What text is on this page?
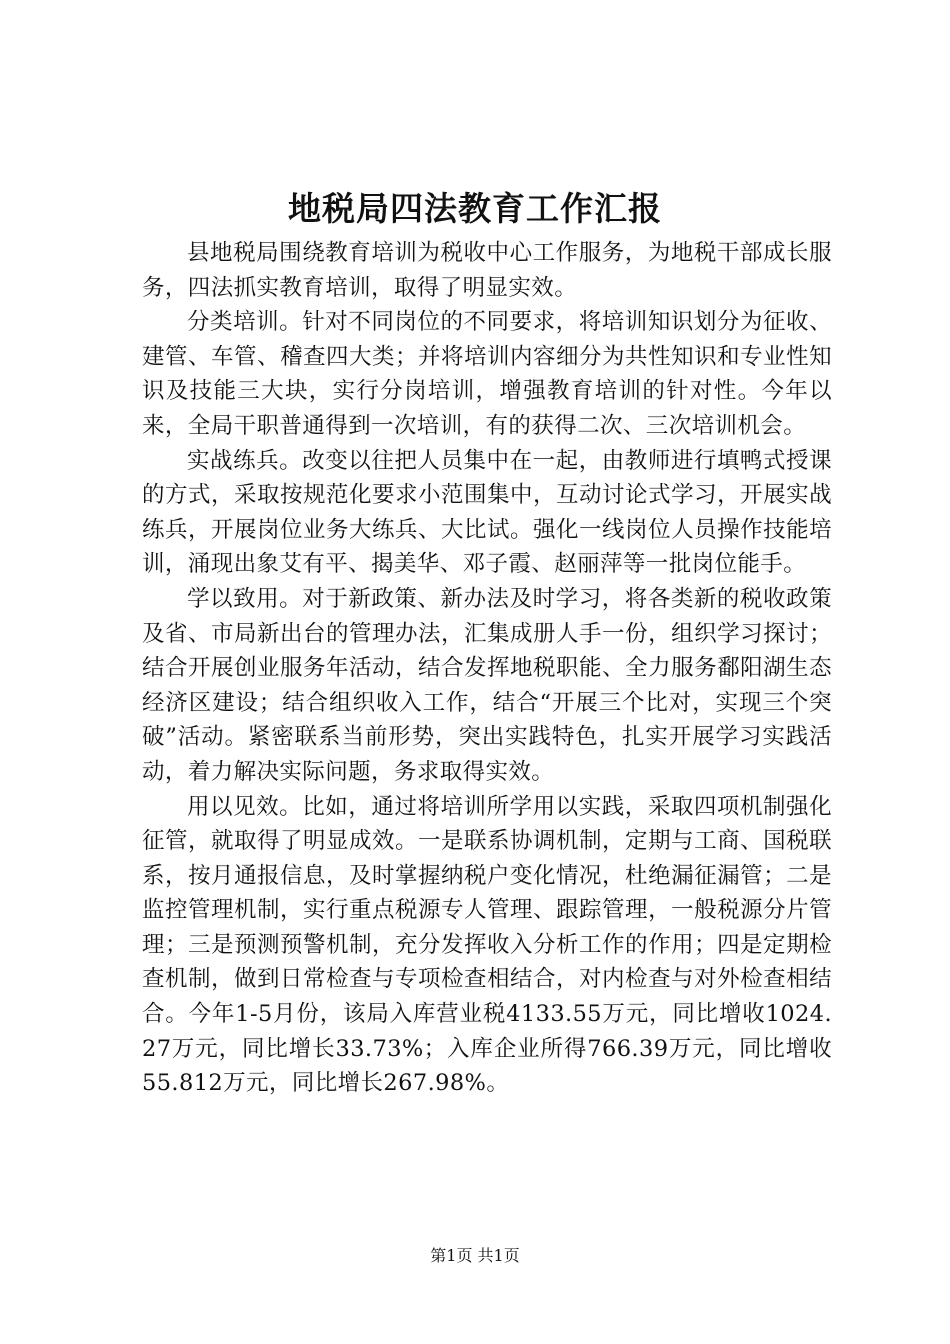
地税局四法教育工作汇报

县地税局围绕教育培训为税收中心工作服务，为地税干部成长服务，四法抓实教育培训，取得了明显实效。

分类培训。针对不同岗位的不同要求，将培训知识划分为征收、建管、车管、稽查四大类；并将培训内容细分为共性知识和专业性知识及技能三大块，实行分岗培训，增强教育培训的针对性。今年以来，全局干职普通得到一次培训，有的获得二次、三次培训机会。

实战练兵。改变以往把人员集中在一起，由教师进行填鸭式授课的方式，采取按规范化要求小范围集中，互动讨论式学习，开展实战练兵，开展岗位业务大练兵、大比试。强化一线岗位人员操作技能培训，涌现出象艾有平、揭美华、邓子霞、赵丽萍等一批岗位能手。

学以致用。对于新政策、新办法及时学习，将各类新的税收政策及省、市局新出台的管理办法，汇集成册人手一份，组织学习探讨；结合开展创业服务年活动，结合发挥地税职能、全力服务鄱阳湖生态经济区建设；结合组织收入工作，结合“开展三个比对，实现三个突破”活动。紧密联系当前形势，突出实践特色，扎实开展学习实践活动，着力解决实际问题，务求取得实效。

用以见效。比如，通过将培训所学用以实践，采取四项机制强化征管，就取得了明显成效。一是联系协调机制，定期与工商、国税联系，按月通报信息，及时掌握纳税户变化情况，杜绝漏征漏管；二是监控管理机制，实行重点税源专人管理、跟踪管理，一般税源分片管理；三是预测预警机制，充分发挥收入分析工作的作用；四是定期检查机制，做到日常检查与专项检查相结合，对内检查与对外检查相结合。今年1-5月份，该局入库营业税4133.55万元，同比增收1024.27万元，同比增长33.73%；入库企业所得766.39万元，同比增收55.812万元，同比增长267.98%。

第1页 共1页
